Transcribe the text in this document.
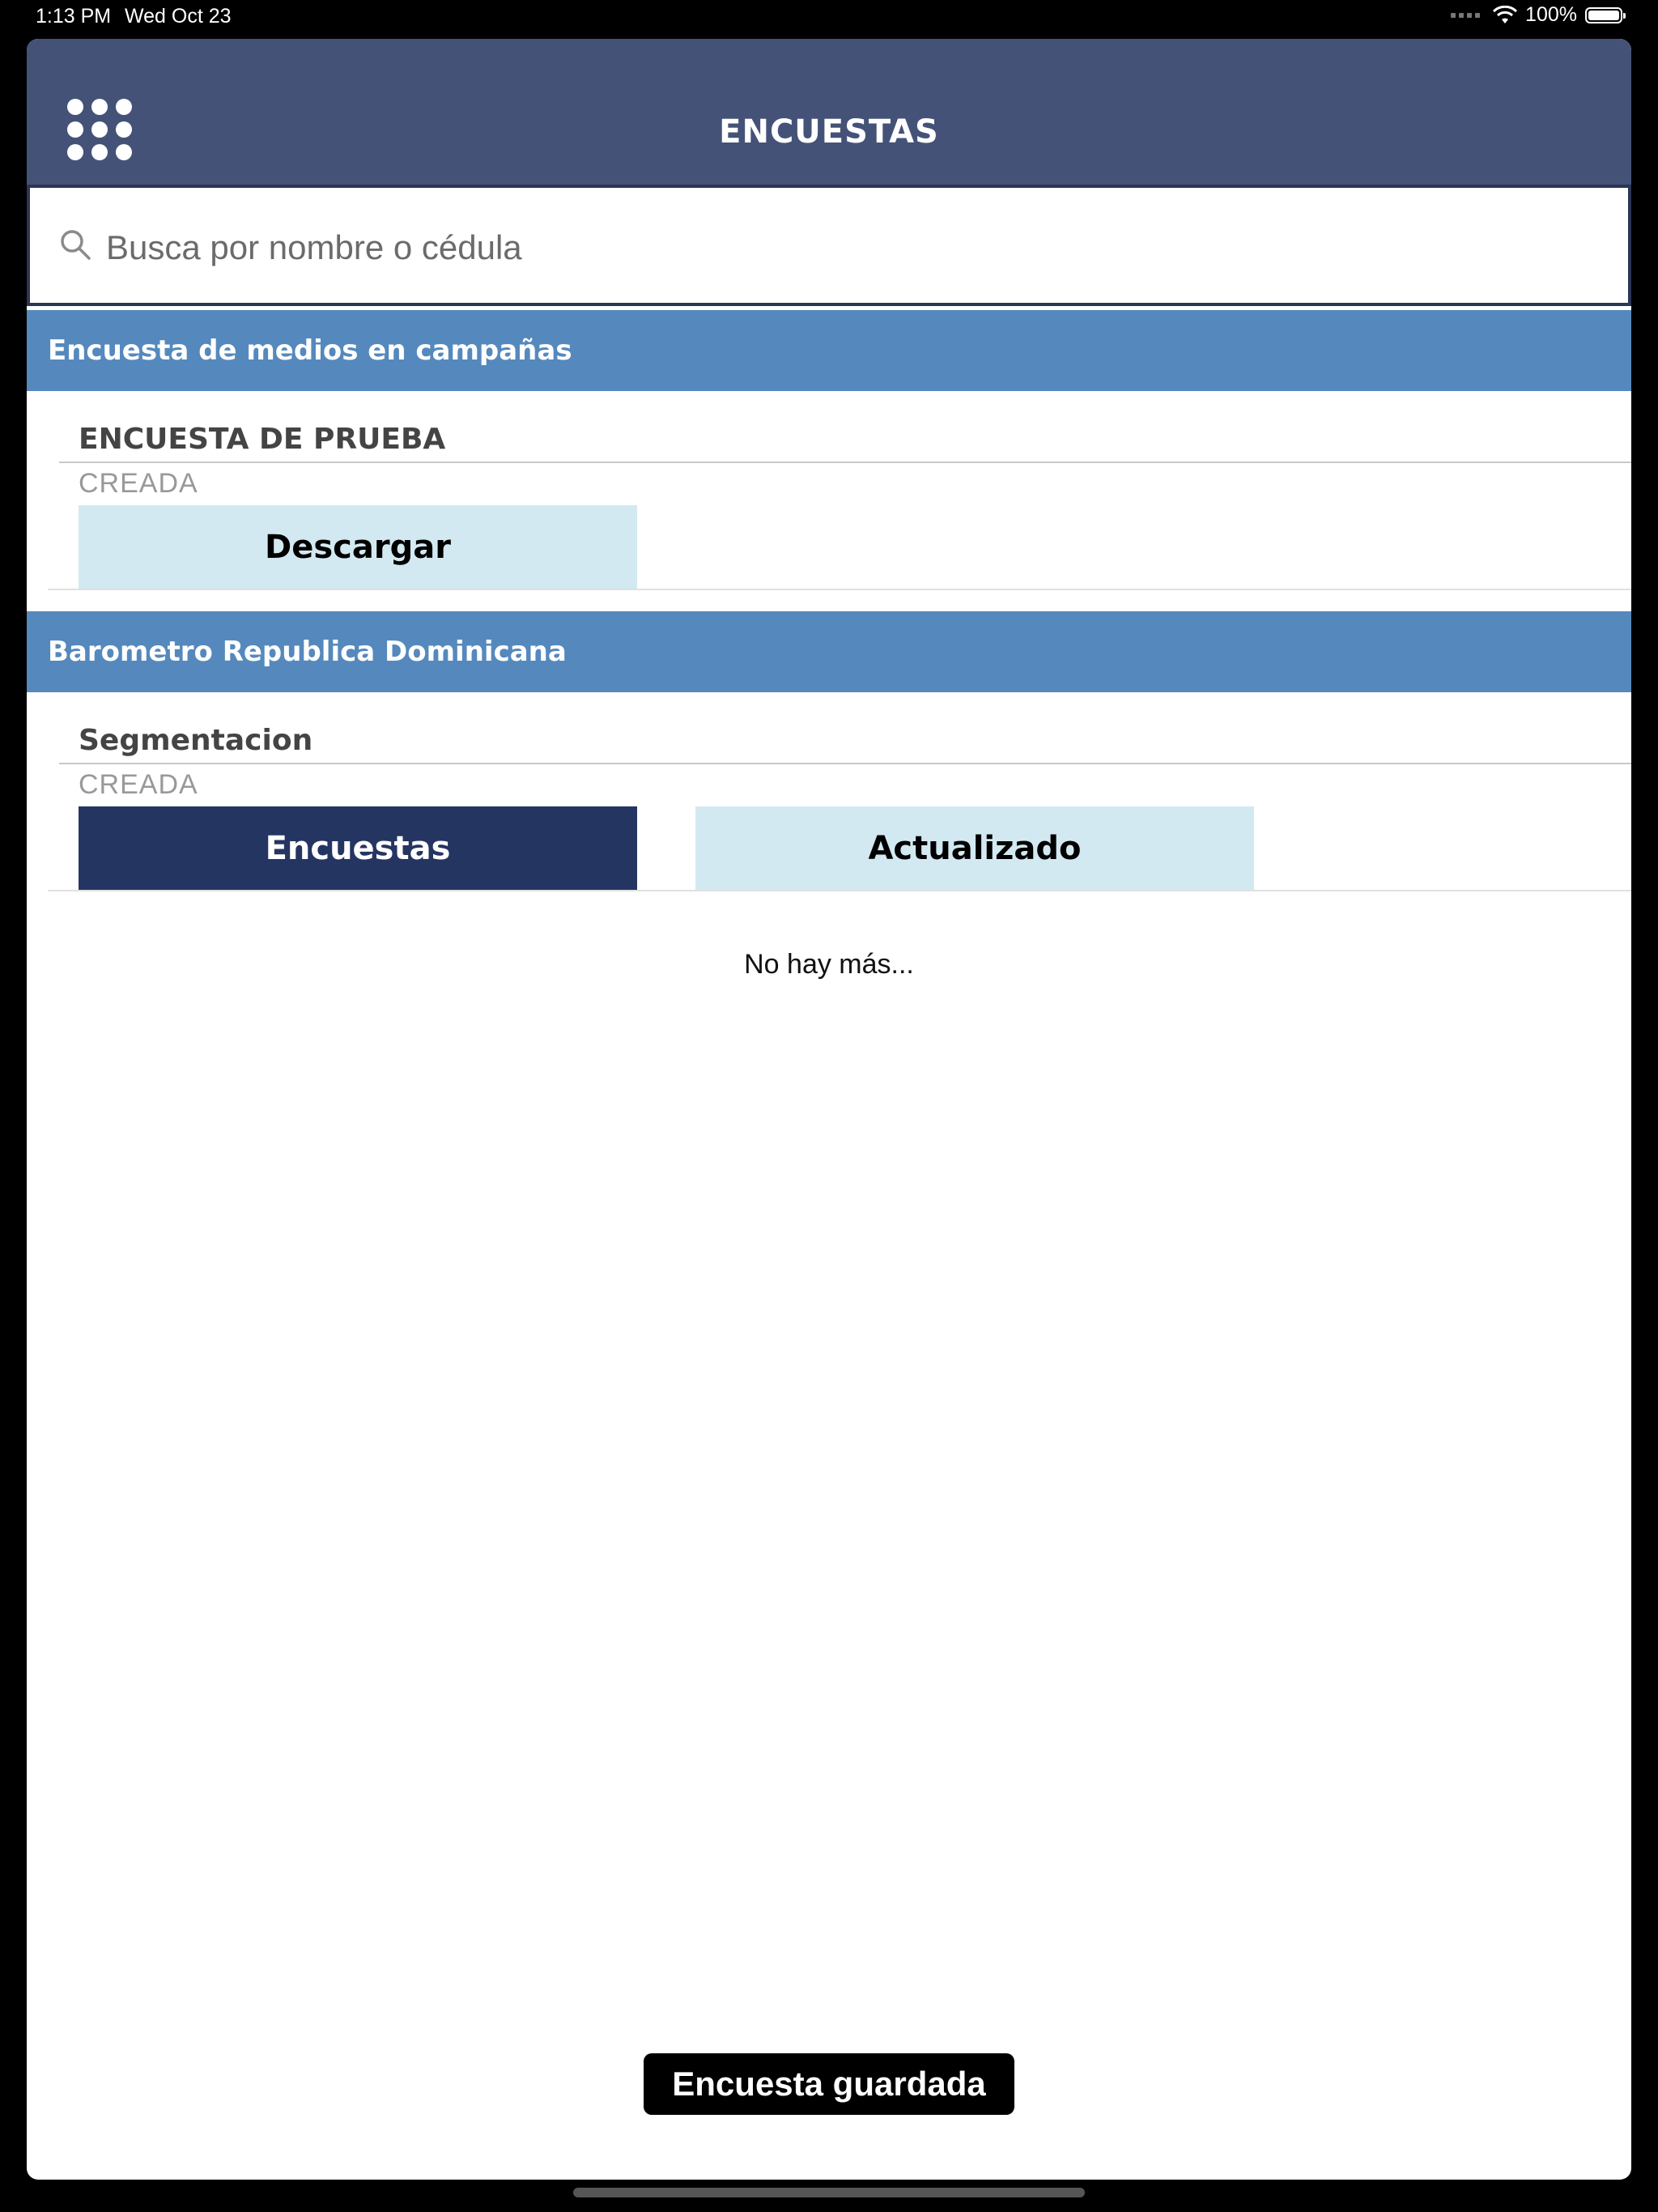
1:13 PM Wed Oct 23	100%
ENCUESTAS
Busca por nombre o cédula
Encuesta de medios en campañas
ENCUESTA DE PRUEBA
CREADA
Descargar
Barometro Republica Dominicana
Segmentacion
CREADA
Encuestas	Actualizado
No hay más...
Encuesta guardada
